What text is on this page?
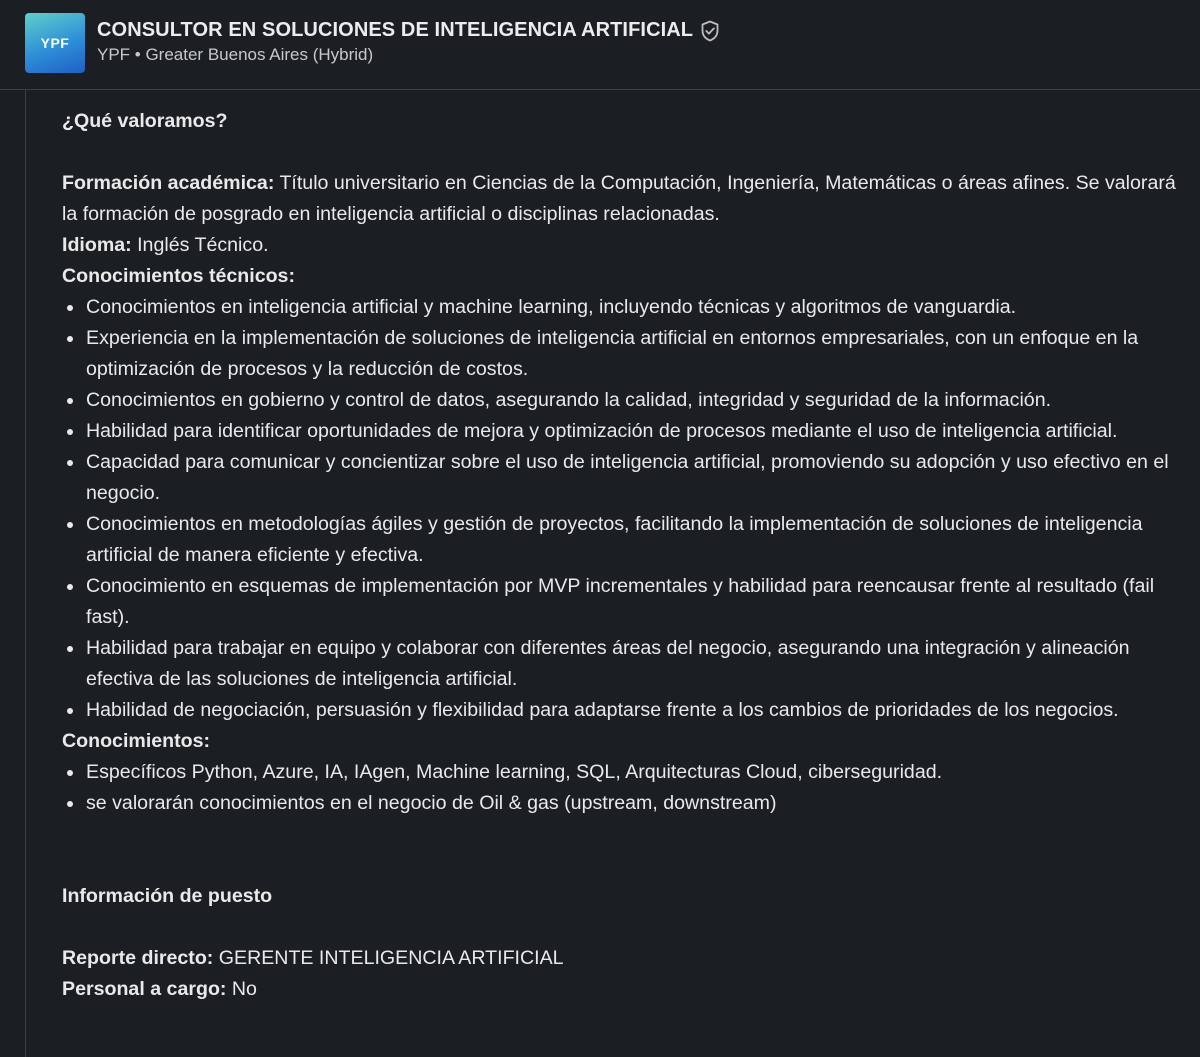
YPF
CONSULTOR EN SOLUCIONES DE INTELIGENCIA ARTIFICIAL
YPF • Greater Buenos Aires (Hybrid)

¿Qué valoramos?

Formación académica: Título universitario en Ciencias de la Computación, Ingeniería, Matemáticas o áreas afines. Se valorará la formación de posgrado en inteligencia artificial o disciplinas relacionadas.

Idioma: Inglés Técnico.

Conocimientos técnicos:

Conocimientos en inteligencia artificial y machine learning, incluyendo técnicas y algoritmos de vanguardia.
Experiencia en la implementación de soluciones de inteligencia artificial en entornos empresariales, con un enfoque en la optimización de procesos y la reducción de costos.
Conocimientos en gobierno y control de datos, asegurando la calidad, integridad y seguridad de la información.
Habilidad para identificar oportunidades de mejora y optimización de procesos mediante el uso de inteligencia artificial.
Capacidad para comunicar y concientizar sobre el uso de inteligencia artificial, promoviendo su adopción y uso efectivo en el negocio.
Conocimientos en metodologías ágiles y gestión de proyectos, facilitando la implementación de soluciones de inteligencia artificial de manera eficiente y efectiva.
Conocimiento en esquemas de implementación por MVP incrementales y habilidad para reencausar frente al resultado (fail fast).
Habilidad para trabajar en equipo y colaborar con diferentes áreas del negocio, asegurando una integración y alineación efectiva de las soluciones de inteligencia artificial.
Habilidad de negociación, persuasión y flexibilidad para adaptarse frente a los cambios de prioridades de los negocios.

Conocimientos:

Específicos Python, Azure, IA, IAgen, Machine learning, SQL, Arquitecturas Cloud, ciberseguridad.
se valorarán conocimientos en el negocio de Oil & gas (upstream, downstream)

Información de puesto

Reporte directo: GERENTE INTELIGENCIA ARTIFICIAL

Personal a cargo: No
